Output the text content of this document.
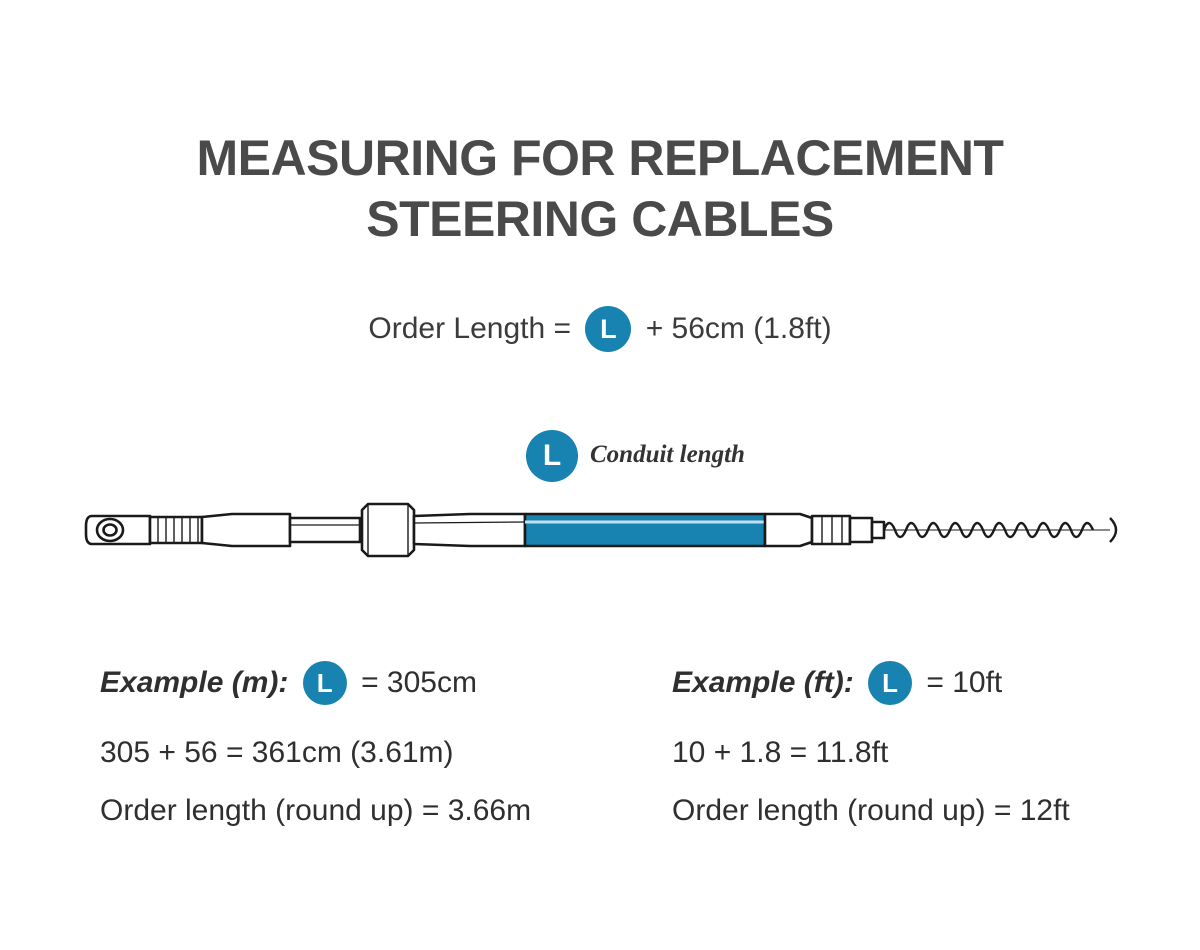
MEASURING FOR REPLACEMENT
STEERING CABLES
Order Length = L + 56cm (1.8ft)
L	Conduit length
Example (m): L = 305cm
305 + 56 = 361cm (3.61m)
Order length (round up) = 3.66m
Example (ft): L = 10ft
10 + 1.8 = 11.8ft
Order length (round up) = 12ft
